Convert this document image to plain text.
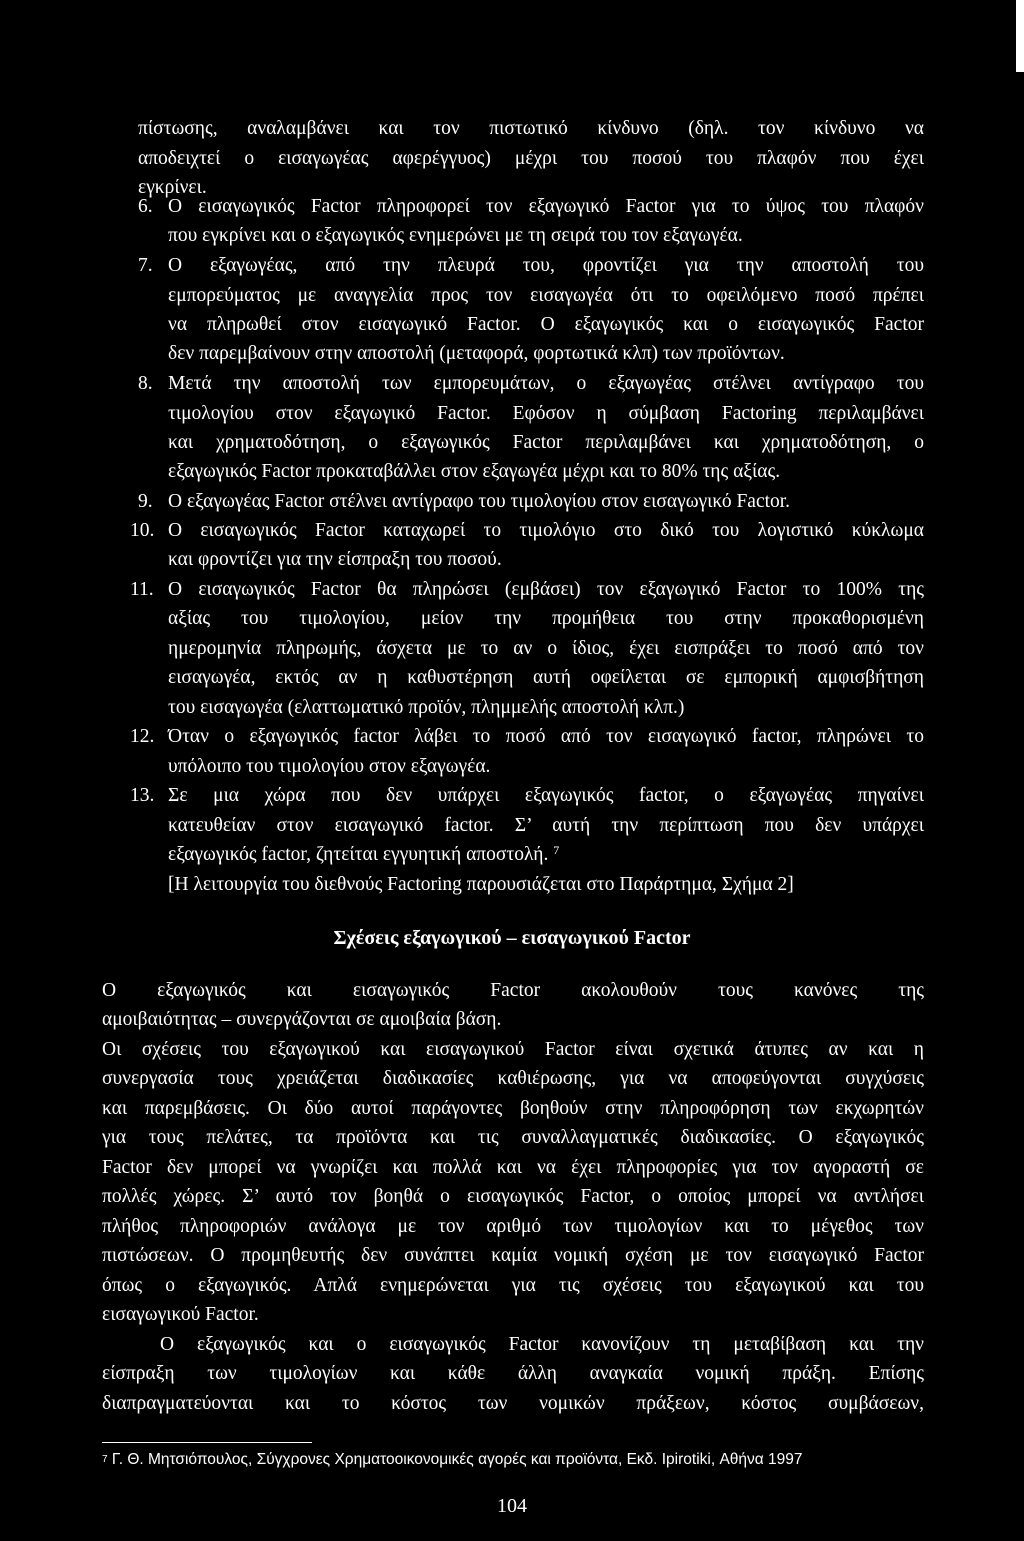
πίστωσης, αναλαμβάνει και τον πιστωτικό κίνδυνο (δηλ. τον κίνδυνο να
αποδειχτεί ο εισαγωγέας αφερέγγυος) μέχρι του ποσού του πλαφόν που έχει
εγκρίνει.
6. Ο εισαγωγικός Factor πληροφορεί τον εξαγωγικό Factor για το ύψος του πλαφόν
που εγκρίνει και ο εξαγωγικός ενημερώνει με τη σειρά του τον εξαγωγέα.
7. Ο εξαγωγέας, από την πλευρά του, φροντίζει για την αποστολή του
εμπορεύματος με αναγγελία προς τον εισαγωγέα ότι το οφειλόμενο ποσό πρέπει
να πληρωθεί στον εισαγωγικό Factor. Ο εξαγωγικός και ο εισαγωγικός Factor
δεν παρεμβαίνουν στην αποστολή (μεταφορά, φορτωτικά κλπ) των προϊόντων.
8. Μετά την αποστολή των εμπορευμάτων, ο εξαγωγέας στέλνει αντίγραφο του
τιμολογίου στον εξαγωγικό Factor. Εφόσον η σύμβαση Factoring περιλαμβάνει
και χρηματοδότηση, ο εξαγωγικός Factor περιλαμβάνει και χρηματοδότηση, ο
εξαγωγικός Factor προκαταβάλλει στον εξαγωγέα μέχρι και το 80% της αξίας.
9. Ο εξαγωγέας Factor στέλνει αντίγραφο του τιμολογίου στον εισαγωγικό Factor.
10. Ο εισαγωγικός Factor καταχωρεί το τιμολόγιο στο δικό του λογιστικό κύκλωμα
και φροντίζει για την είσπραξη του ποσού.
11. Ο εισαγωγικός Factor θα πληρώσει (εμβάσει) τον εξαγωγικό Factor το 100% της
αξίας του τιμολογίου, μείον την προμήθεια του στην προκαθορισμένη
ημερομηνία πληρωμής, άσχετα με το αν ο ίδιος, έχει εισπράξει το ποσό από τον
εισαγωγέα, εκτός αν η καθυστέρηση αυτή οφείλεται σε εμπορική αμφισβήτηση
του εισαγωγέα (ελαττωματικό προϊόν, πλημμελής αποστολή κλπ.)
12. Όταν ο εξαγωγικός factor λάβει το ποσό από τον εισαγωγικό factor, πληρώνει το
υπόλοιπο του τιμολογίου στον εξαγωγέα.
13. Σε μια χώρα που δεν υπάρχει εξαγωγικός factor, ο εξαγωγέας πηγαίνει
κατευθείαν στον εισαγωγικό factor. Σ’ αυτή την περίπτωση που δεν υπάρχει
εξαγωγικός factor, ζητείται εγγυητική αποστολή. $^7$
[Η λειτουργία του διεθνούς Factoring παρουσιάζεται στο Παράρτημα, Σχήμα 2]
Σχέσεις εξαγωγικού – εισαγωγικού Factor
Ο εξαγωγικός και εισαγωγικός Factor ακολουθούν τους κανόνες της
αμοιβαιότητας – συνεργάζονται σε αμοιβαία βάση.
Οι σχέσεις του εξαγωγικού και εισαγωγικού Factor είναι σχετικά άτυπες αν και η
συνεργασία τους χρειάζεται διαδικασίες καθιέρωσης, για να αποφεύγονται συγχύσεις
και παρεμβάσεις. Οι δύο αυτοί παράγοντες βοηθούν στην πληροφόρηση των εκχωρητών
για τους πελάτες, τα προϊόντα και τις συναλλαγματικές διαδικασίες. Ο εξαγωγικός
Factor δεν μπορεί να γνωρίζει και πολλά και να έχει πληροφορίες για τον αγοραστή σε
πολλές χώρες. Σ’ αυτό τον βοηθά ο εισαγωγικός Factor, ο οποίος μπορεί να αντλήσει
πλήθος πληροφοριών ανάλογα με τον αριθμό των τιμολογίων και το μέγεθος των
πιστώσεων. Ο προμηθευτής δεν συνάπτει καμία νομική σχέση με τον εισαγωγικό Factor
όπως ο εξαγωγικός. Απλά ενημερώνεται για τις σχέσεις του εξαγωγικού και του
εισαγωγικού Factor.
Ο εξαγωγικός και ο εισαγωγικός Factor κανονίζουν τη μεταβίβαση και την
είσπραξη των τιμολογίων και κάθε άλλη αναγκαία νομική πράξη. Επίσης
διαπραγματεύονται και το κόστος των νομικών πράξεων, κόστος συμβάσεων,
$^7$ Γ. Θ. Μητσιόπουλος, Σύγχρονες Χρηματοοικονομικές αγορές και προϊόντα, Εκδ. Ipirotiki, Αθήνα 1997
104
